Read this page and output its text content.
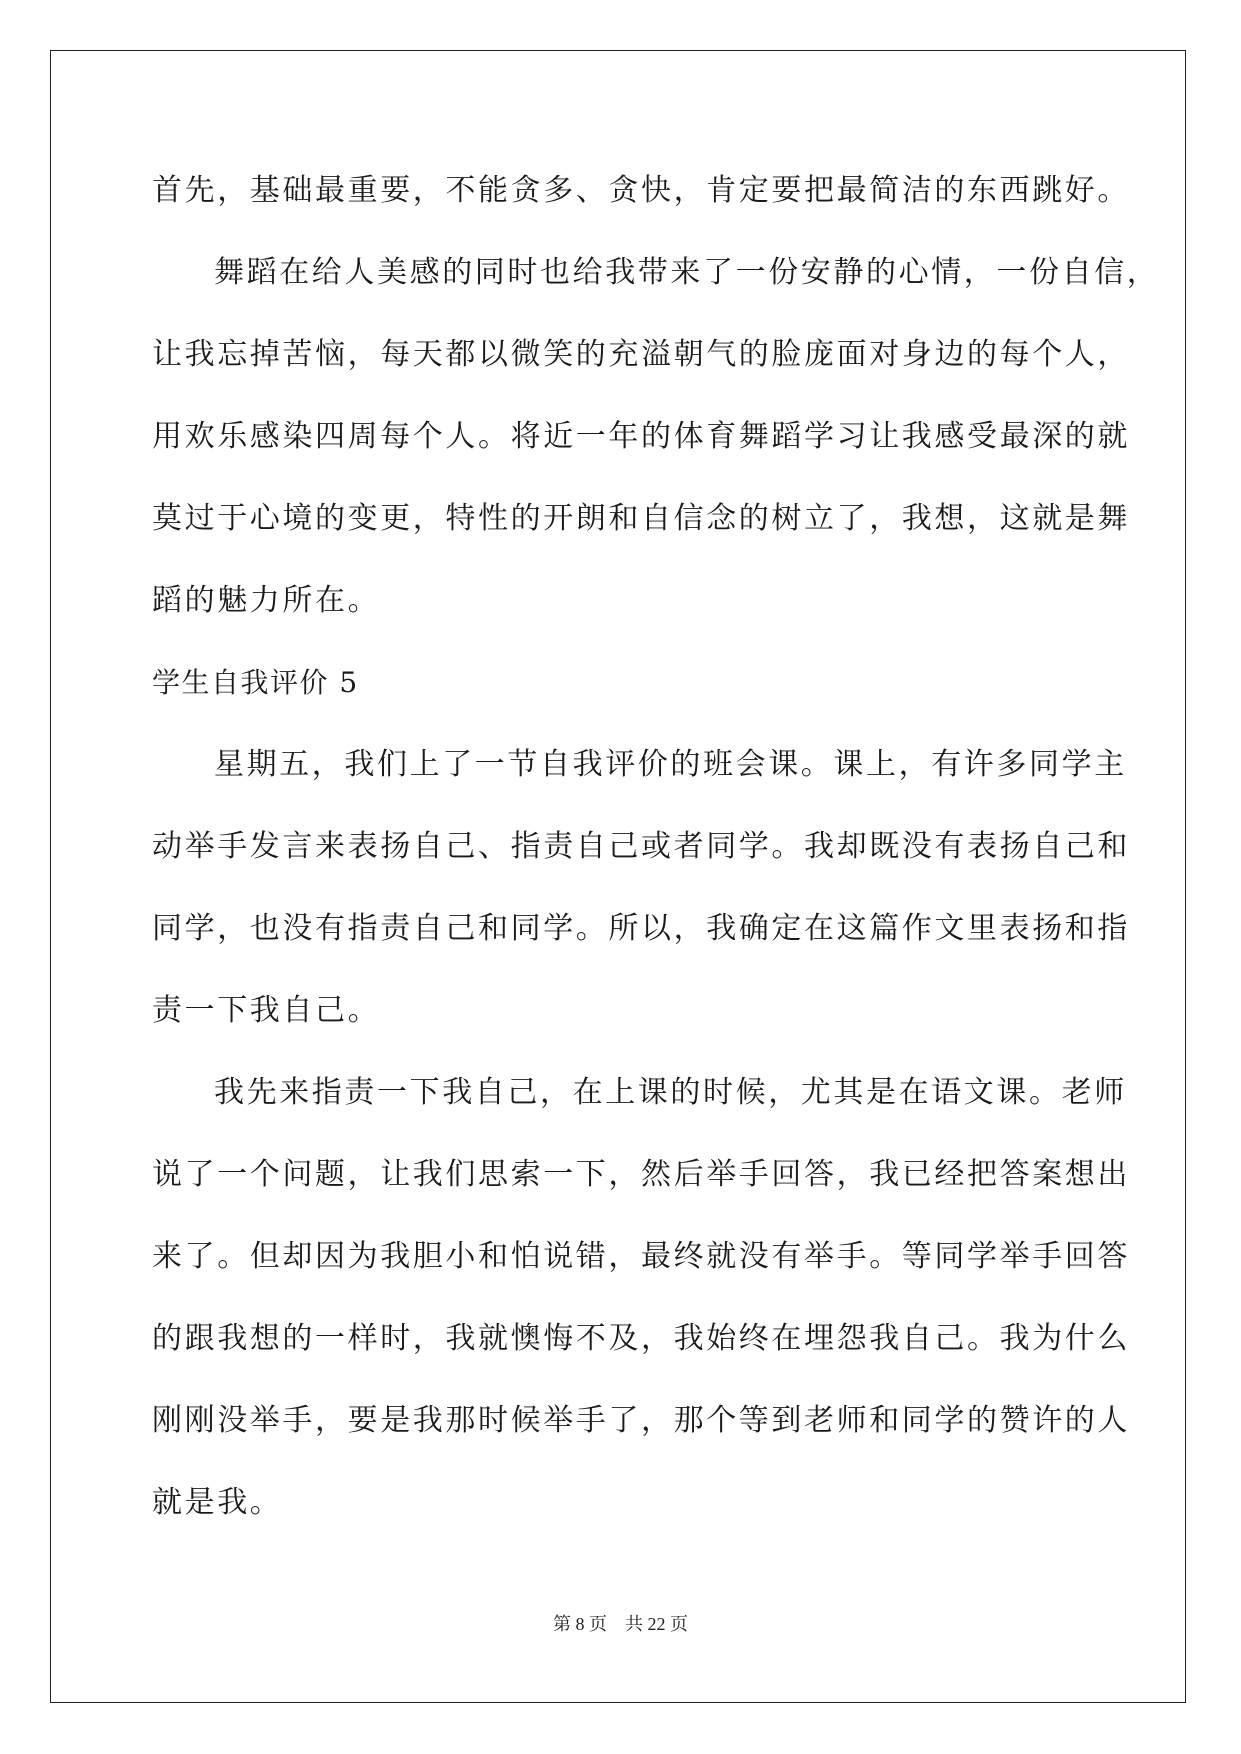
首先，基础最重要，不能贪多、贪快，肯定要把最简洁的东西跳好。
舞蹈在给人美感的同时也给我带来了一份安静的心情，一份自信，
让我忘掉苦恼，每天都以微笑的充溢朝气的脸庞面对身边的每个人，
用欢乐感染四周每个人。将近一年的体育舞蹈学习让我感受最深的就
莫过于心境的变更，特性的开朗和自信念的树立了，我想，这就是舞
蹈的魅力所在。
学生自我评价 5
星期五，我们上了一节自我评价的班会课。课上，有许多同学主
动举手发言来表扬自己、指责自己或者同学。我却既没有表扬自己和
同学，也没有指责自己和同学。所以，我确定在这篇作文里表扬和指
责一下我自己。
我先来指责一下我自己，在上课的时候，尤其是在语文课。老师
说了一个问题，让我们思索一下，然后举手回答，我已经把答案想出
来了。但却因为我胆小和怕说错，最终就没有举手。等同学举手回答
的跟我想的一样时，我就懊悔不及，我始终在埋怨我自己。我为什么
刚刚没举手，要是我那时候举手了，那个等到老师和同学的赞许的人
就是我。
第 8 页　共 22 页
